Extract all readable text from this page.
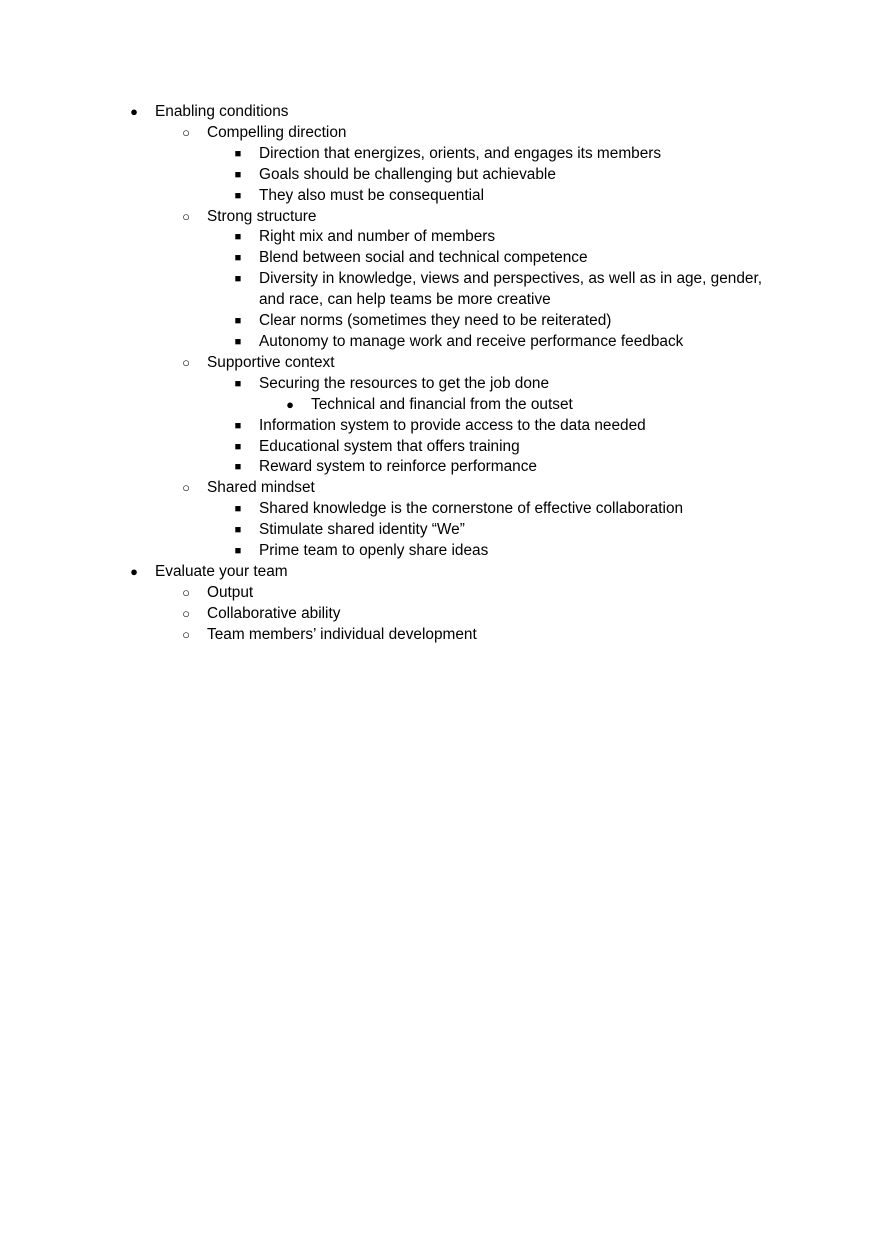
●	Enabling conditions
○	Compelling direction
■	Direction that energizes, orients, and engages its members
■	Goals should be challenging but achievable
■	They also must be consequential
○	Strong structure
■	Right mix and number of members
■	Blend between social and technical competence
■	Diversity in knowledge, views and perspectives, as well as in age, gender, and race, can help teams be more creative
■	Clear norms (sometimes they need to be reiterated)
■	Autonomy to manage work and receive performance feedback
○	Supportive context
■	Securing the resources to get the job done
●	Technical and financial from the outset
■	Information system to provide access to the data needed
■	Educational system that offers training
■	Reward system to reinforce performance
○	Shared mindset
■	Shared knowledge is the cornerstone of effective collaboration
■	Stimulate shared identity “We”
■	Prime team to openly share ideas
●	Evaluate your team
○	Output
○	Collaborative ability
○	Team members’ individual development
